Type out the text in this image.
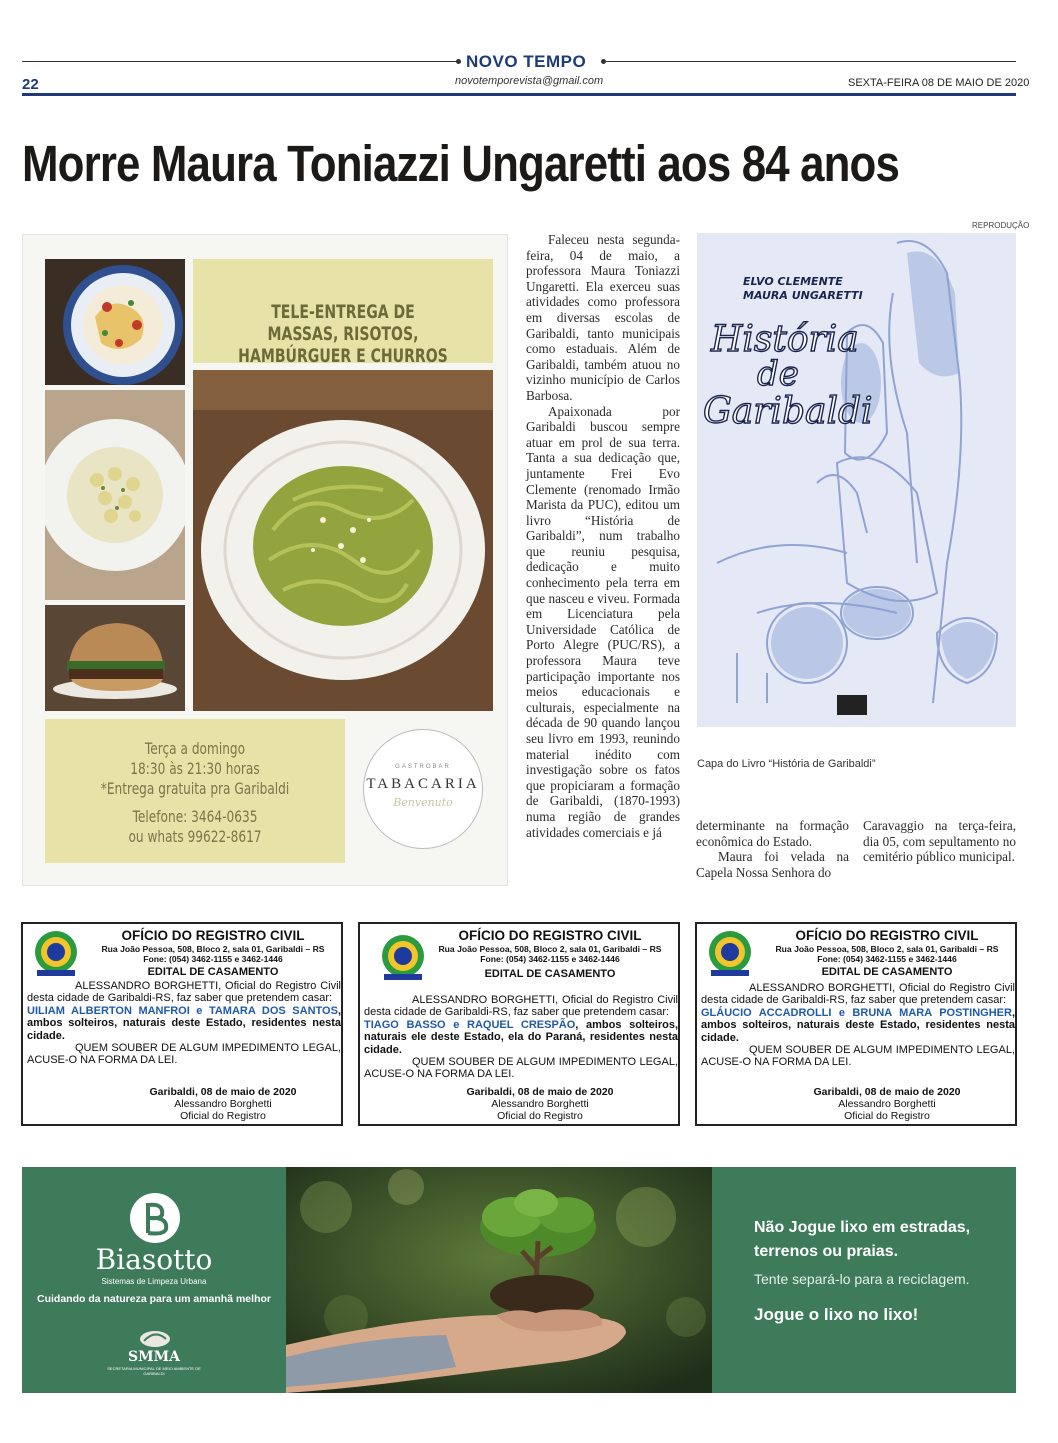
NOVO TEMPO
22	novotemporevista@gmail.com	SEXTA-FEIRA 08 DE MAIO DE 2020
Morre Maura Toniazzi Ungaretti aos 84 anos
REPRODUÇÃO
TELE-ENTREGA DE
MASSAS, RISOTOS,
HAMBÚRGUER E CHURROS
Terça a domingo
18:30 às 21:30 horas
*Entrega gratuita pra Garibaldi
Telefone: 3464-0635
ou whats 99622-8617
GASTROBAR
TABACARIA
Benvenuto

Faleceu nesta segunda-feira, 04 de maio, a professora Maura Toniazzi Ungaretti. Ela exerceu suas atividades como professora em diversas escolas de Garibaldi, tanto municipais como estaduais. Além de Garibaldi, também atuou no vizinho município de Carlos Barbosa.

Apaixonada por Garibaldi buscou sempre atuar em prol de sua terra. Tanta a sua dedicação que, juntamente Frei Evo Clemente (renomado Irmão Marista da PUC), editou um livro “História de Garibaldi”, num trabalho que reuniu pesquisa, dedicação e muito conhecimento pela terra em que nasceu e viveu. Formada em Licenciatura pela Universidade Católica de Porto Alegre (PUC/RS), a professora Maura teve participação importante nos meios educacionais e culturais, especialmente na década de 90 quando lançou seu livro em 1993, reunindo material inédito com investigação sobre os fatos que propiciaram a formação de Garibaldi, (1870-1993) numa região de grandes atividades comerciais e já

ELVO CLEMENTE
MAURA UNGARETTI
História
de
Garibaldi
Capa do Livro “História de Garibaldi”

determinante na formação econômica do Estado.

Maura foi velada na Capela Nossa Senhora do

Caravaggio na terça-feira, dia 05, com sepultamento no cemitério público municipal.

OFÍCIO DO REGISTRO CIVIL
Rua João Pessoa, 508, Bloco 2, sala 01, Garibaldi – RS
Fone: (054) 3462-1155 e 3462-1446
EDITAL DE CASAMENTO
ALESSANDRO BORGHETTI, Oficial do Registro Civil desta cidade de Garibaldi-RS, faz saber que pretendem casar:
UILIAM ALBERTON MANFROI e TAMARA DOS SANTOS, ambos solteiros, naturais deste Estado, residentes nesta cidade.
QUEM SOUBER DE ALGUM IMPEDIMENTO LEGAL, ACUSE-O NA FORMA DA LEI.
Garibaldi, 08 de maio de 2020
Alessandro Borghetti
Oficial do Registro
OFÍCIO DO REGISTRO CIVIL
Rua João Pessoa, 508, Bloco 2, sala 01, Garibaldi – RS
Fone: (054) 3462-1155 e 3462-1446
EDITAL DE CASAMENTO
ALESSANDRO BORGHETTI, Oficial do Registro Civil desta cidade de Garibaldi-RS, faz saber que pretendem casar:
TIAGO BASSO e RAQUEL CRESPÃO, ambos solteiros, naturais ele deste Estado, ela do Paraná, residentes nesta cidade.
QUEM SOUBER DE ALGUM IMPEDIMENTO LEGAL, ACUSE-O NA FORMA DA LEI.
Garibaldi, 08 de maio de 2020
Alessandro Borghetti
Oficial do Registro
OFÍCIO DO REGISTRO CIVIL
Rua João Pessoa, 508, Bloco 2, sala 01, Garibaldi – RS
Fone: (054) 3462-1155 e 3462-1446
EDITAL DE CASAMENTO
ALESSANDRO BORGHETTI, Oficial do Registro Civil desta cidade de Garibaldi-RS, faz saber que pretendem casar:
GLÁUCIO ACCADROLLI e BRUNA MARA POSTINGHER, ambos solteiros, naturais deste Estado, residentes nesta cidade.
QUEM SOUBER DE ALGUM IMPEDIMENTO LEGAL, ACUSE-O NA FORMA DA LEI.
Garibaldi, 08 de maio de 2020
Alessandro Borghetti
Oficial do Registro
Biasotto
Sistemas de Limpeza Urbana
Cuidando da natureza para um amanhã melhor
SMMA
SECRETARIA MUNICIPAL DE MEIO AMBIENTE DE GARIBALDI
Não Jogue lixo em estradas,
terrenos ou praias.
Tente separá-lo para a reciclagem.
Jogue o lixo no lixo!
